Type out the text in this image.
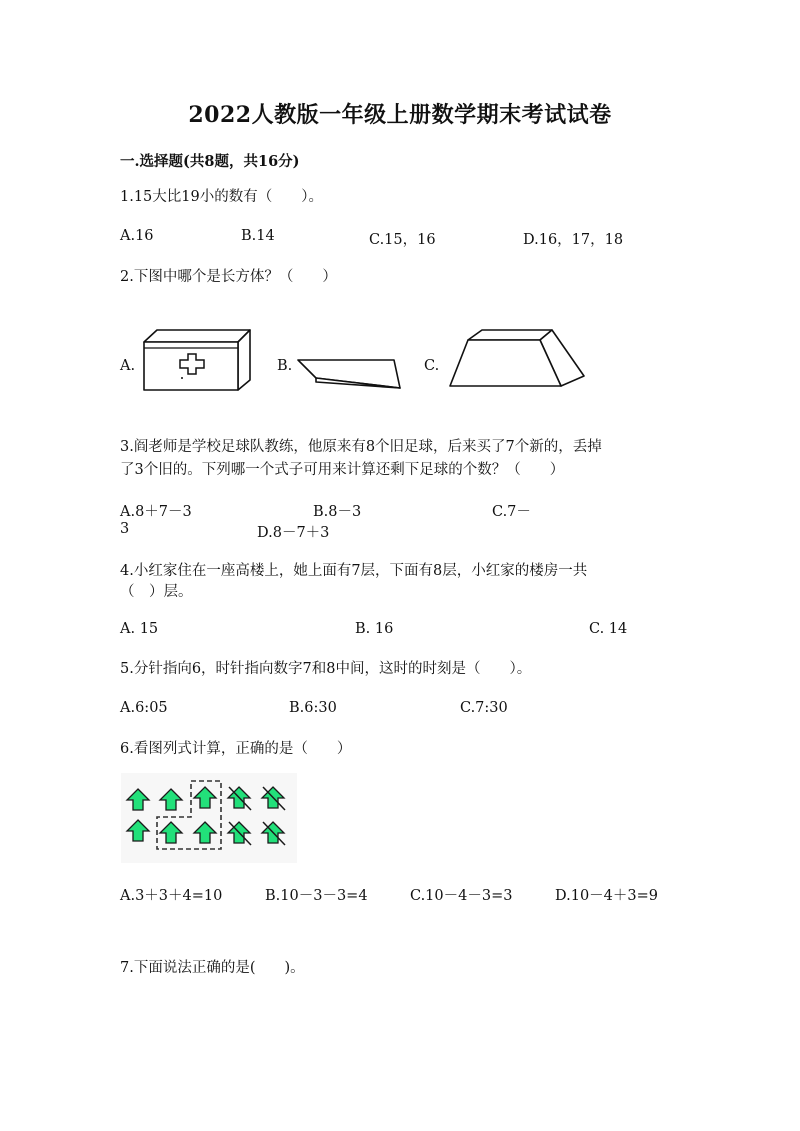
2022人教版一年级上册数学期末考试试卷
一.选择题(共8题，共16分)
1.15大比19小的数有（　　）。
A.16	B.14	C.15，16	D.16，17，18
2.下图中哪个是长方体？（　　）
A.	B.	C.
3.阎老师是学校足球队教练，他原来有8个旧足球，后来买了7个新的，丢掉
了3个旧的。下列哪一个式子可用来计算还剩下足球的个数？（　　）
A.8＋7－3	B.8－3	C.7－
3	D.8－7＋3
4.小红家住在一座高楼上，她上面有7层，下面有8层，小红家的楼房一共
（　）层。
A. 15	B. 16	C. 14
5.分针指向6，时针指向数字7和8中间，这时的时刻是（　　）。
A.6:05	B.6:30	C.7:30
6.看图列式计算，正确的是（　　）
A.3＋3＋4=10	B.10－3－3=4	C.10－4－3=3	D.10－4＋3=9
7.下面说法正确的是(　　)。
